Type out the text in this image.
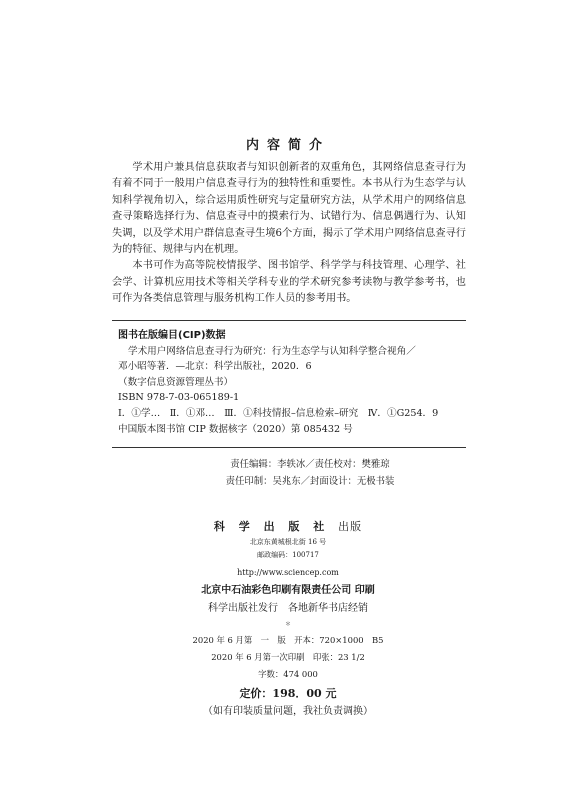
内容简介

学术用户兼具信息获取者与知识创新者的双重角色，其网络信息查寻行为有着不同于一般用户信息查寻行为的独特性和重要性。本书从行为生态学与认知科学视角切入，综合运用质性研究与定量研究方法，从学术用户的网络信息查寻策略选择行为、信息查寻中的摸索行为、试错行为、信息偶遇行为、认知失调，以及学术用户群信息查寻生境6个方面，揭示了学术用户网络信息查寻行为的特征、规律与内在机理。

本书可作为高等院校情报学、图书馆学、科学学与科技管理、心理学、社会学、计算机应用技术等相关学科专业的学术研究参考读物与教学参考书，也可作为各类信息管理与服务机构工作人员的参考用书。

图书在版编目(CIP)数据
学术用户网络信息查寻行为研究：行为生态学与认知科学整合视角／
邓小昭等著．—北京：科学出版社，2020．6
（数字信息资源管理丛书）
ISBN 978-7-03-065189-1
Ⅰ．①学…　Ⅱ．①邓…　Ⅲ．①科技情报–信息检索–研究　Ⅳ．①G254．9
中国版本图书馆 CIP 数据核字（2020）第 085432 号
责任编辑：李轶冰／责任校对：樊雅琼
责任印制：吴兆东／封面设计：无极书装
科 学 出 版 社 出版
北京东黄城根北街 16 号
邮政编码：100717
http://www.sciencep.com
北京中石油彩色印刷有限责任公司 印刷
科学出版社发行　各地新华书店经销
＊
2020 年 6 月第　一　版　开本：720×1000　B5
2020 年 6 月第一次印刷　印张：23 1/2
字数：474 000
定价：198．00 元
（如有印装质量问题，我社负责调换）
